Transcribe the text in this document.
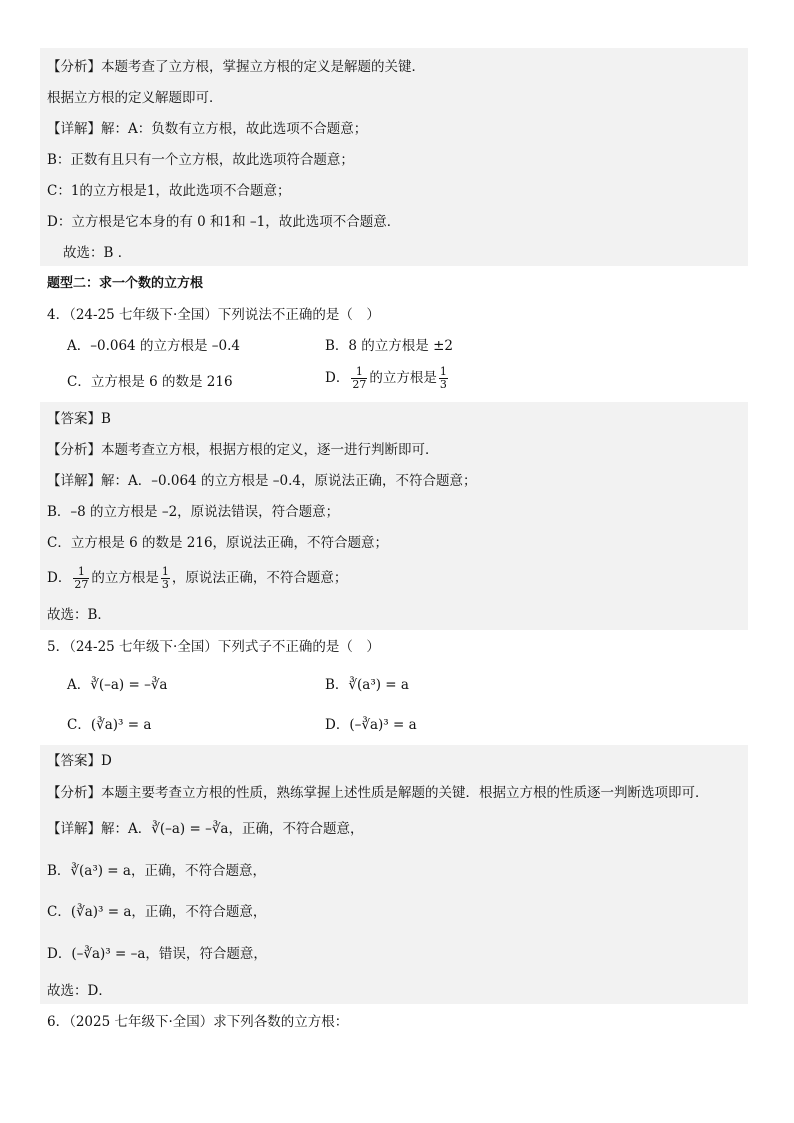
【分析】本题考查了立方根，掌握立方根的定义是解题的关键．
根据立方根的定义解题即可．
【详解】解：A：负数有立方根，故此选项不合题意；
B：正数有且只有一个立方根，故此选项符合题意；
C：1的立方根是1，故此选项不合题意；
D：立方根是它本身的有 0 和1和 –1，故此选项不合题意．
故选：B ．
题型二：求一个数的立方根
4．（24-25 七年级下·全国）下列说法不正确的是（　）
A．–0.064 的立方根是 –0.4	B．8 的立方根是 ±2
C．立方根是 6 的数是 216	D． $\frac{1}{27}$ 的立方根是 $\frac{1}{3}$
【答案】B
【分析】本题考查立方根，根据方根的定义，逐一进行判断即可．
【详解】解：A．–0.064 的立方根是 –0.4，原说法正确，不符合题意；
B．–8 的立方根是 –2，原说法错误，符合题意；
C．立方根是 6 的数是 216，原说法正确，不符合题意；
D． $\frac{1}{27}$ 的立方根是 $\frac{1}{3}$ ，原说法正确，不符合题意；
故选：B．
5．（24-25 七年级下·全国）下列式子不正确的是（　）
A．∛(–a) = –∛a	B．∛(a³) = a
C．(∛a)³ = a	D．(–∛a)³ = a
【答案】D
【分析】本题主要考查立方根的性质，熟练掌握上述性质是解题的关键．根据立方根的性质逐一判断选项即可．
【详解】解：A．∛(–a) = –∛a，正确，不符合题意，
B．∛(a³) = a，正确，不符合题意，
C．(∛a)³ = a，正确，不符合题意，
D．(–∛a)³ = –a，错误，符合题意，
故选：D．
6．（2025 七年级下·全国）求下列各数的立方根：
